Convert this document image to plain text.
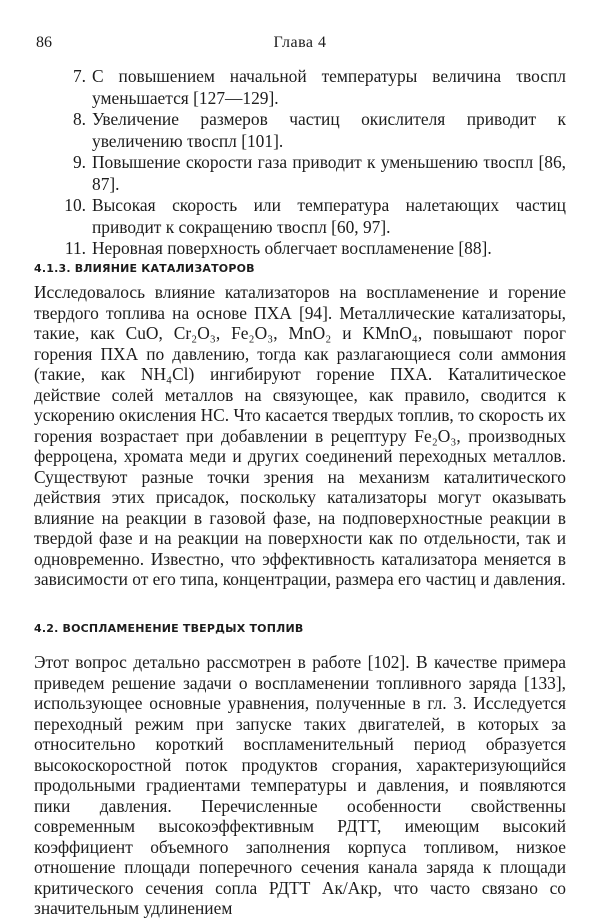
86	Глава 4
7. С повышением начальной температуры величина τвоспл уменьшается [127—129].
8. Увеличение размеров частиц окислителя приводит к увеличению τвоспл [101].
9. Повышение скорости газа приводит к уменьшению τвоспл [86, 87].
10. Высокая скорость или температура налетающих частиц приводит к сокращению τвоспл [60, 97].
11. Неровная поверхность облегчает воспламенение [88].
4.1.3. ВЛИЯНИЕ КАТАЛИЗАТОРОВ

Исследовалось влияние катализаторов на воспламенение и горение твердого топлива на основе ПХА [94]. Металлические катализаторы, такие, как CuO, Cr₂O₃, Fe₂O₃, MnO₂ и KMnO₄, повышают порог горения ПХА по давлению, тогда как разлагающиеся соли аммония (такие, как NH₄Cl) ингибируют горение ПХА. Каталитическое действие солей металлов на связующее, как правило, сводится к ускорению окисления НС. Что касается твердых топлив, то скорость их горения возрастает при добавлении в рецептуру Fe₂O₃, производных ферроцена, хромата меди и других соединений переходных металлов. Существуют разные точки зрения на механизм каталитического действия этих присадок, поскольку катализаторы могут оказывать влияние на реакции в газовой фазе, на подповерхностные реакции в твердой фазе и на реакции на поверхности как по отдельности, так и одновременно. Известно, что эффективность катализатора меняется в зависимости от его типа, концентрации, размера его частиц и давления.

4.2. ВОСПЛАМЕНЕНИЕ ТВЕРДЫХ ТОПЛИВ

Этот вопрос детально рассмотрен в работе [102]. В качестве примера приведем решение задачи о воспламенении топливного заряда [133], использующее основные уравнения, полученные в гл. 3. Исследуется переходный режим при запуске таких двигателей, в которых за относительно короткий воспламенительный период образуется высокоскоростной поток продуктов сгорания, характеризующийся продольными градиентами температуры и давления, и появляются пики давления. Перечисленные особенности свойственны современным высокоэффективным РДТТ, имеющим высокий коэффициент объемного заполнения корпуса топливом, низкое отношение площади поперечного сечения канала заряда к площади критического сечения сопла РДТТ Aк/Aкр, что часто связано со значительным удлинением
